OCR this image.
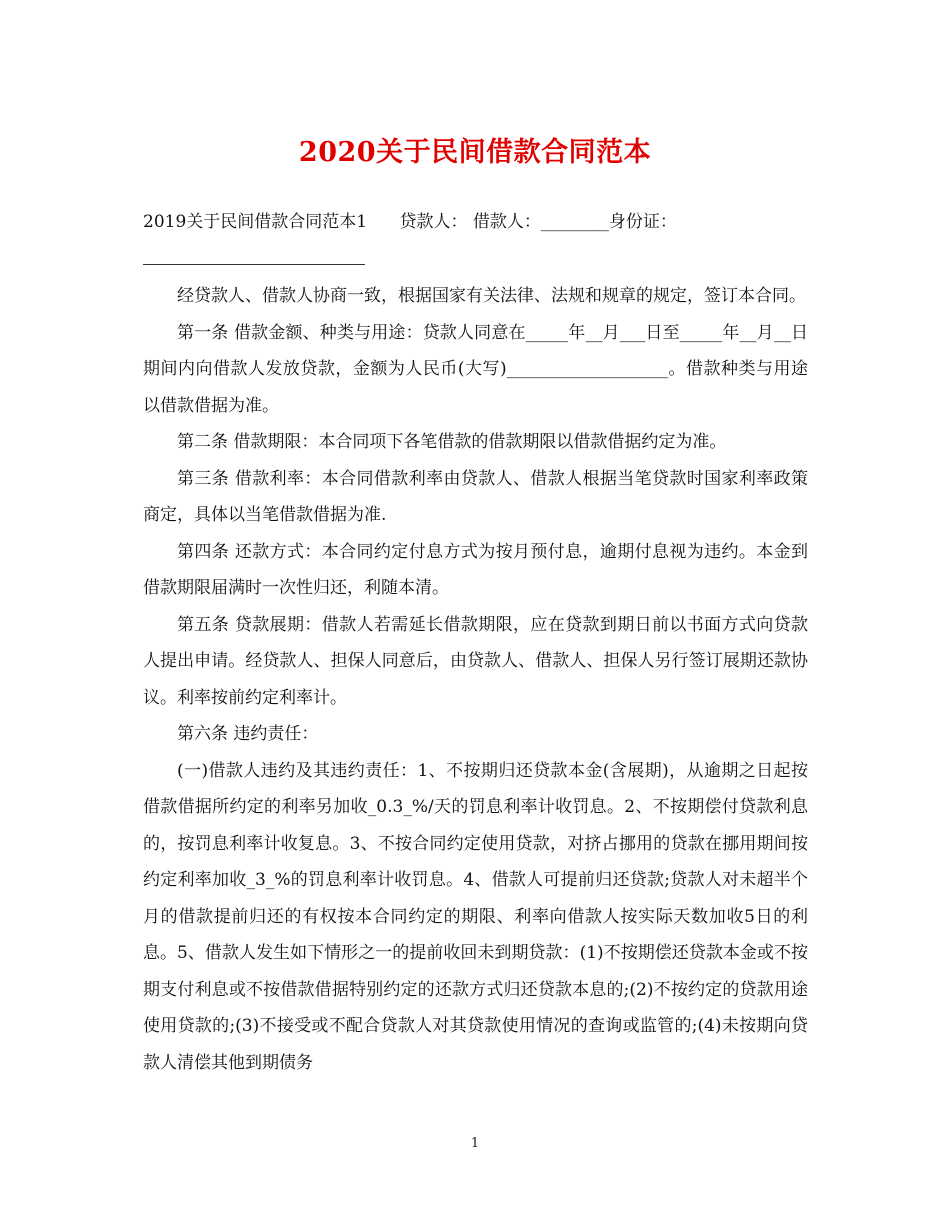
2020关于民间借款合同范本
2019关于民间借款合同范本1      贷款人： 借款人：________身份证：

经贷款人、借款人协商一致，根据国家有关法律、法规和规章的规定，签订本合同。

第一条 借款金额、种类与用途：贷款人同意在_____年__月___日至_____年__月__日期间内向借款人发放贷款，金额为人民币(大写)___________________。借款种类与用途以借款借据为准。

第二条 借款期限：本合同项下各笔借款的借款期限以借款借据约定为准。

第三条 借款利率：本合同借款利率由贷款人、借款人根据当笔贷款时国家利率政策商定，具体以当笔借款借据为准.

第四条 还款方式：本合同约定付息方式为按月预付息，逾期付息视为违约。本金到借款期限届满时一次性归还，利随本清。

第五条 贷款展期：借款人若需延长借款期限，应在贷款到期日前以书面方式向贷款人提出申请。经贷款人、担保人同意后，由贷款人、借款人、担保人另行签订展期还款协议。利率按前约定利率计。

第六条 违约责任：

(一)借款人违约及其违约责任：1、不按期归还贷款本金(含展期)，从逾期之日起按借款借据所约定的利率另加收_0.3_%/天的罚息利率计收罚息。2、不按期偿付贷款利息的，按罚息利率计收复息。3、不按合同约定使用贷款，对挤占挪用的贷款在挪用期间按约定利率加收_3_%的罚息利率计收罚息。4、借款人可提前归还贷款;贷款人对未超半个月的借款提前归还的有权按本合同约定的期限、利率向借款人按实际天数加收5日的利息。5、借款人发生如下情形之一的提前收回未到期贷款：(1)不按期偿还贷款本金或不按期支付利息或不按借款借据特别约定的还款方式归还贷款本息的;(2)不按约定的贷款用途使用贷款的;(3)不接受或不配合贷款人对其贷款使用情况的查询或监管的;(4)未按期向贷款人清偿其他到期债务

1
